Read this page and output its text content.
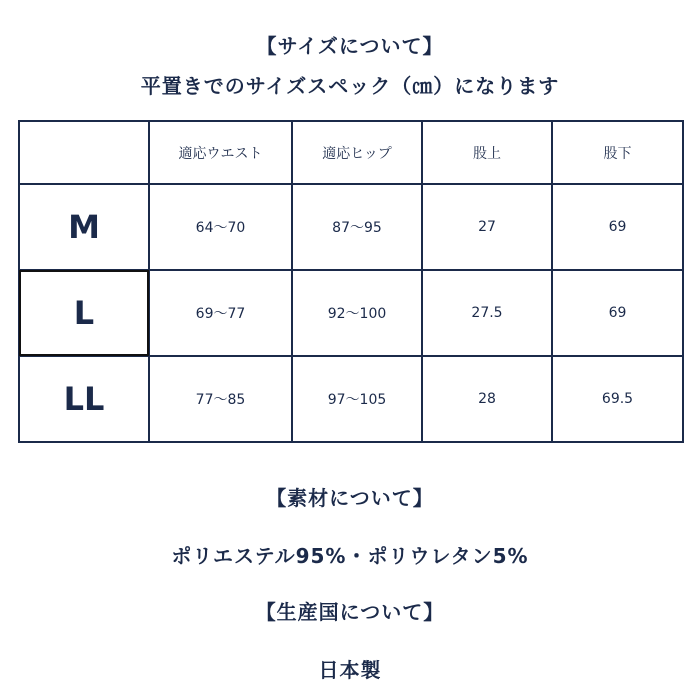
【サイズについて】
平置きでのサイズスペック（㎝）になります
	適応ウエスト	適応ヒップ	股上	股下
M	64〜70	87〜95	27	69
L	69〜77	92〜100	27.5	69
LL	77〜85	97〜105	28	69.5
【素材について】
ポリエステル95%・ポリウレタン5%
【生産国について】
日本製
